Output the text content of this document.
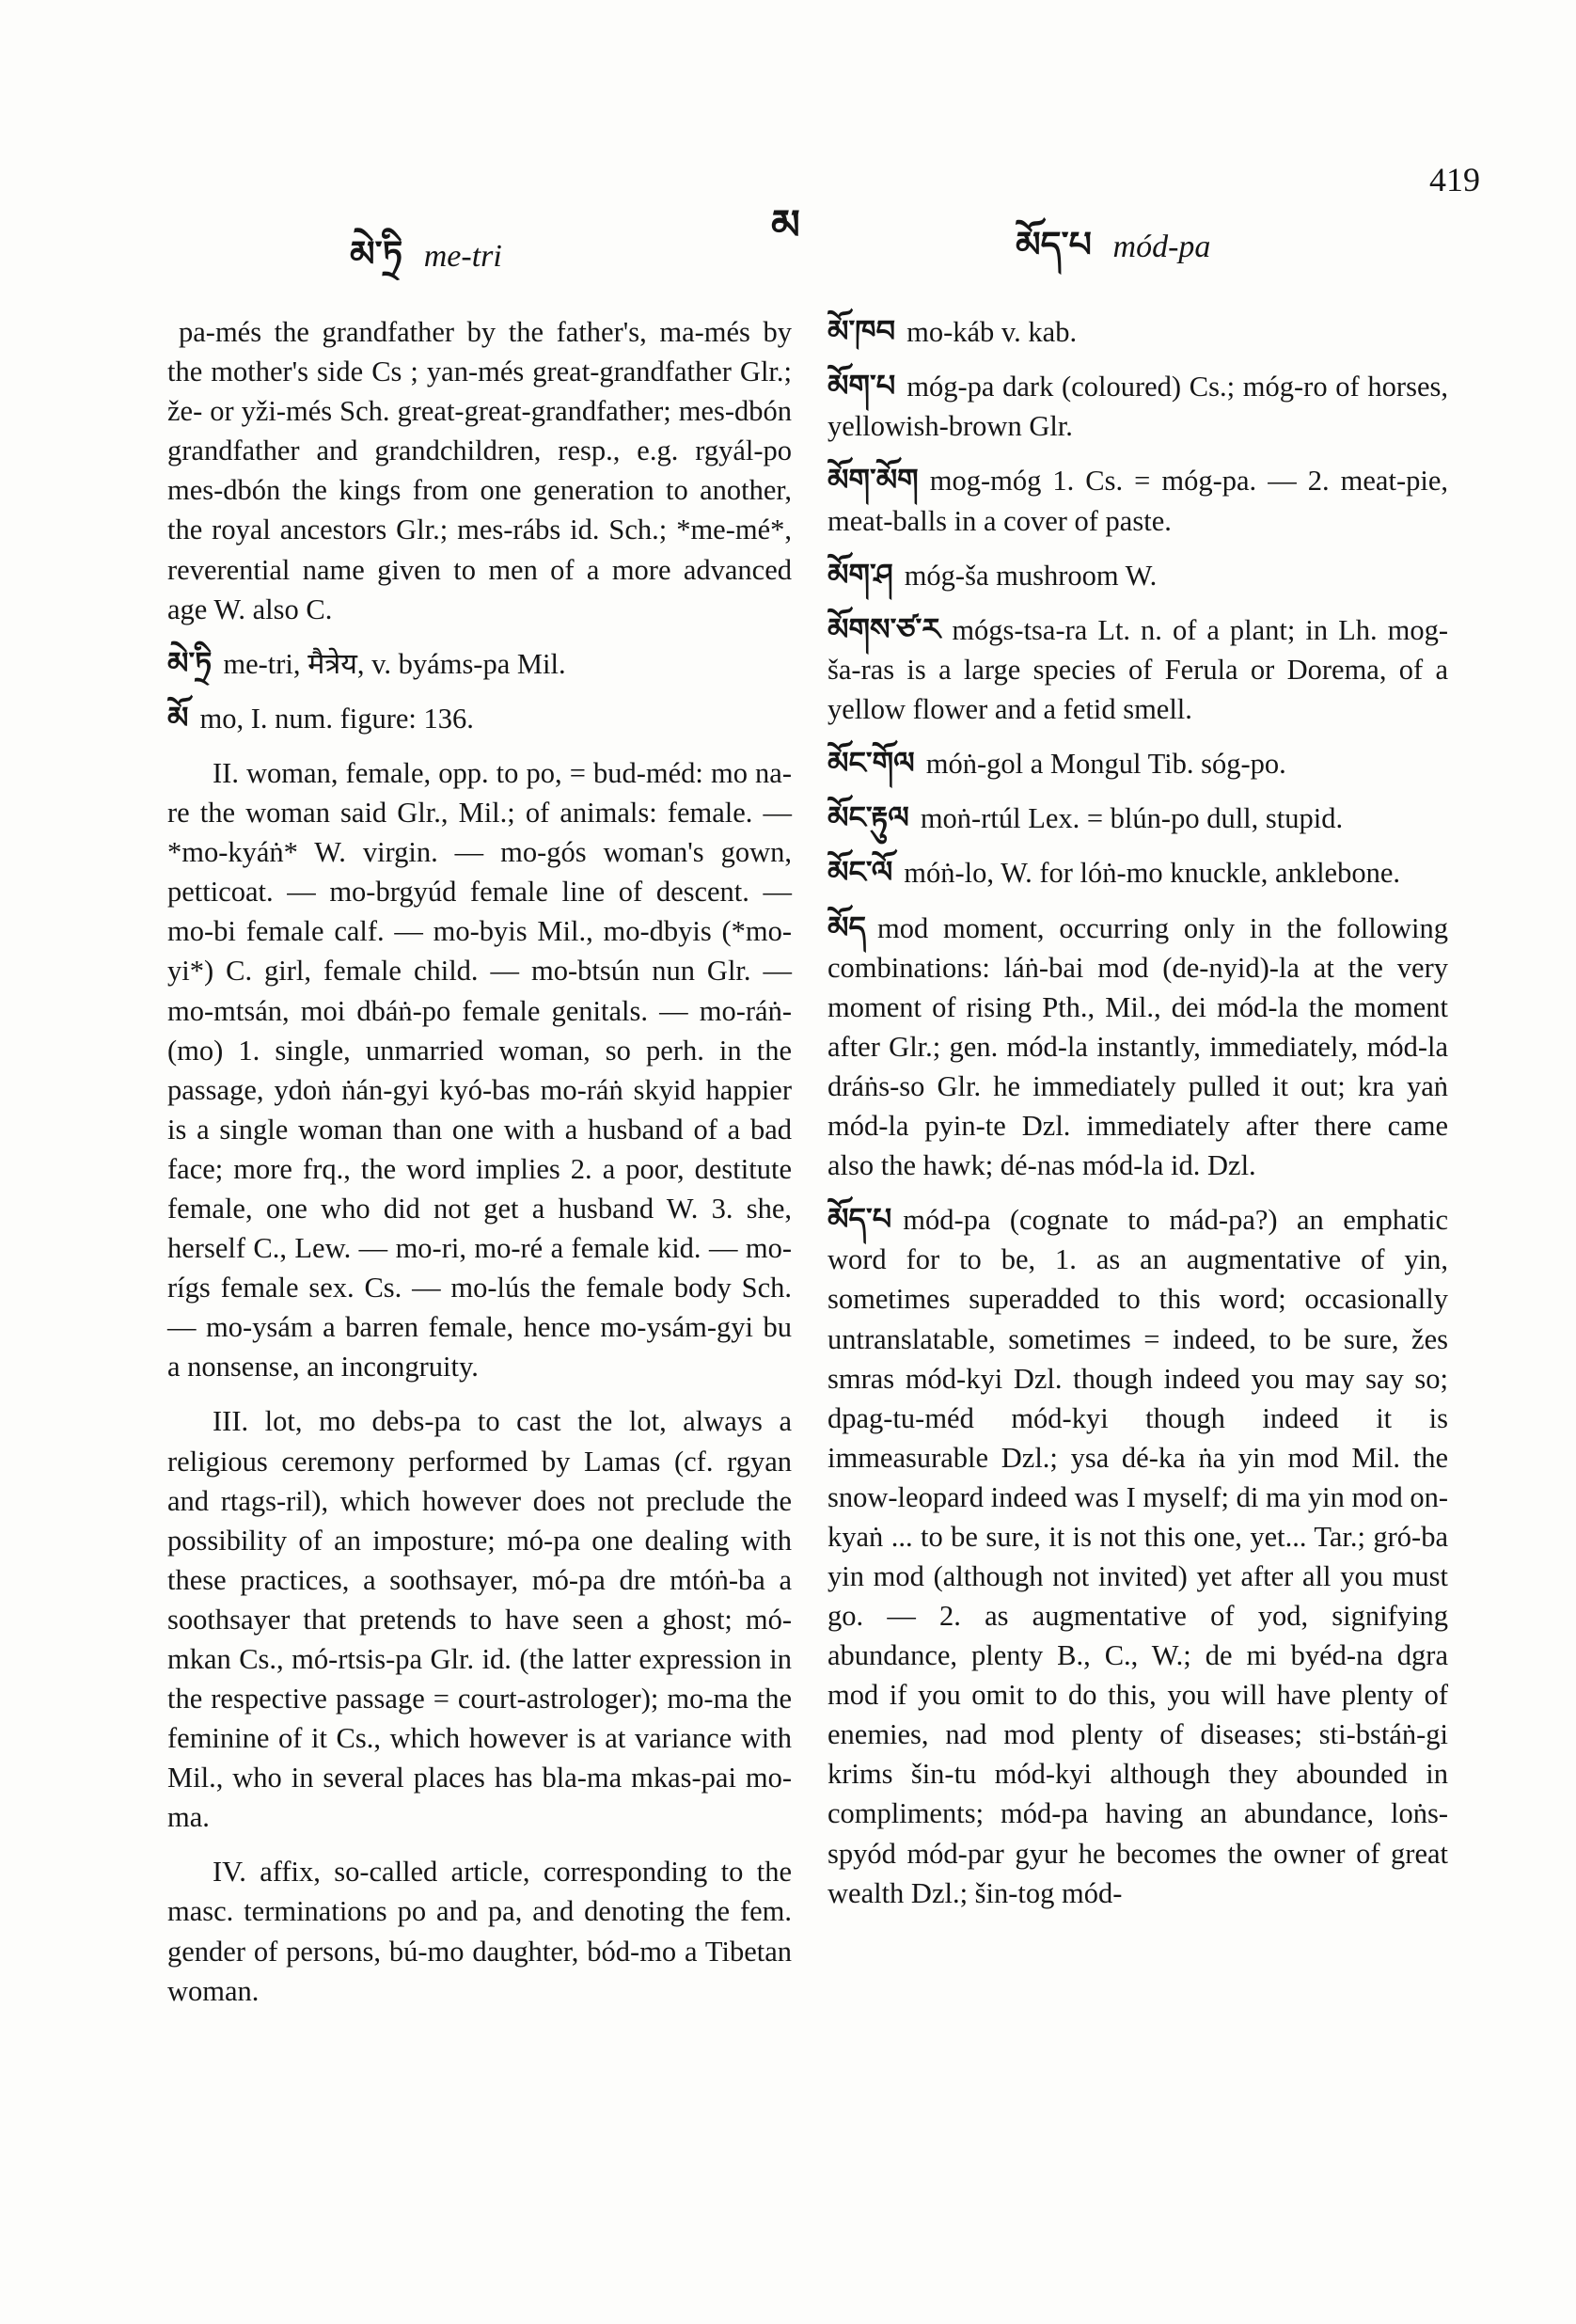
མེ་ཏྲི me-tri
མ	མོད་པ mód-pa
419
pa-més the grandfather by the father's, ma-més by the mother's side Cs ; yan-més great-grandfather Glr.; že- or yži-més Sch. great-great-grandfather; mes-dbón grandfather and grandchildren, resp., e.g. rgyál-po mes-dbón the kings from one generation to another, the royal ancestors Glr.; mes-rábs id. Sch.; *me-mé*, reverential name given to men of a more advanced age W. also C.
མེ་ཏྲི me-tri, मैत्रेय, v. byáms-pa Mil.
མོ mo, I. num. figure: 136.
II. woman, female, opp. to po, = bud-méd: mo na-re the woman said Glr., Mil.; of animals: female. — *mo-kyáṅ* W. virgin. — mo-gós woman's gown, petticoat. — mo-brgyúd female line of descent. — mo-bi female calf. — mo-byis Mil., mo-dbyis (*mo-yi*) C. girl, female child. — mo-btsún nun Glr. — mo-mtsán, moi dbáṅ-po female genitals. — mo-ráṅ-(mo) 1. single, unmarried woman, so perh. in the passage, ydoṅ ṅán-gyi kyó-bas mo-ráṅ skyid happier is a single woman than one with a husband of a bad face; more frq., the word implies 2. a poor, destitute female, one who did not get a husband W. 3. she, herself C., Lew. — mo-ri, mo-ré a female kid. — mo-rígs female sex. Cs. — mo-lús the female body Sch. — mo-ysám a barren female, hence mo-ysám-gyi bu a nonsense, an incongruity.
III. lot, mo debs-pa to cast the lot, always a religious ceremony performed by Lamas (cf. rgyan and rtags-ril), which however does not preclude the possibility of an imposture; mó-pa one dealing with these practices, a soothsayer, mó-pa dre mtóṅ-ba a soothsayer that pretends to have seen a ghost; mó-mkan Cs., mó-rtsis-pa Glr. id. (the latter expression in the respective passage = court-astrologer); mo-ma the feminine of it Cs., which however is at variance with Mil., who in several places has bla-ma mkas-pai mo-ma.
IV. affix, so-called article, corresponding to the masc. terminations po and pa, and denoting the fem. gender of persons, bú-mo daughter, bód-mo a Tibetan woman.
མོ་ཁབ mo-káb v. kab.
མོག་པ móg-pa dark (coloured) Cs.; móg-ro of horses, yellowish-brown Glr.
མོག་མོག mog-móg 1. Cs. = móg-pa. — 2. meat-pie, meat-balls in a cover of paste.
མོག་ཤ móg-ša mushroom W.
མོགས་ཙ་ར mógs-tsa-ra Lt. n. of a plant; in Lh. mog-ša-ras is a large species of Ferula or Dorema, of a yellow flower and a fetid smell.
མོང་གོལ móṅ-gol a Mongul Tib. sóg-po.
མོང་རྟུལ moṅ-rtúl Lex. = blún-po dull, stupid.
མོང་ལོ móṅ-lo, W. for lóṅ-mo knuckle, anklebone.
མོད mod moment, occurring only in the following combinations: láṅ-bai mod (de-nyid)-la at the very moment of rising Pth., Mil., dei mód-la the moment after Glr.; gen. mód-la instantly, immediately, mód-la dráṅs-so Glr. he immediately pulled it out; kra yaṅ mód-la pyin-te Dzl. immediately after there came also the hawk; dé-nas mód-la id. Dzl.
མོད་པ mód-pa (cognate to mád-pa?) an emphatic word for to be, 1. as an augmentative of yin, sometimes superadded to this word; occasionally untranslatable, sometimes = indeed, to be sure, žes smras mód-kyi Dzl. though indeed you may say so; dpag-tu-méd mód-kyi though indeed it is immeasurable Dzl.; ysa dé-ka ṅa yin mod Mil. the snow-leopard indeed was I myself; di ma yin mod on-kyaṅ ... to be sure, it is not this one, yet... Tar.; gró-ba yin mod (although not invited) yet after all you must go. — 2. as augmentative of yod, signifying abundance, plenty B., C., W.; de mi byéd-na dgra mod if you omit to do this, you will have plenty of enemies, nad mod plenty of diseases; sti-bstáṅ-gi krims šin-tu mód-kyi although they abounded in compliments; mód-pa having an abundance, loṅs-spyód mód-par gyur he becomes the owner of great wealth Dzl.; šin-tog mód-
